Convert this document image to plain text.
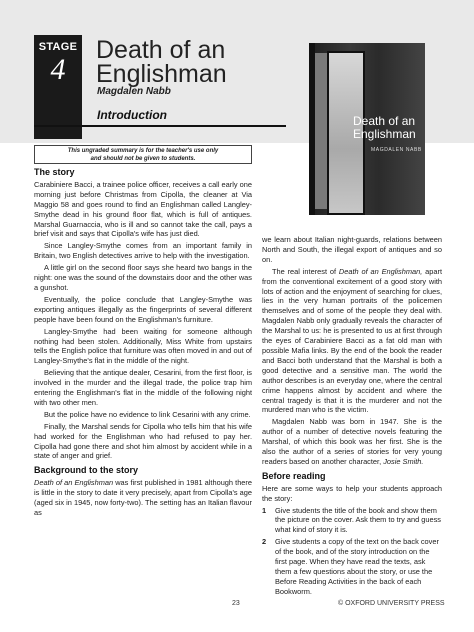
STAGE
4
Death of an
Englishman
Magdalen Nabb
Introduction	Death of an
Englishman
MAGDALEN NABB
This ungraded summary is for the teacher's use only
and should not be given to students.
The story

Carabiniere Bacci, a trainee police officer, receives a call early one morning just before Christmas from Cipolla, the cleaner at Via Maggio 58 and goes round to find an Englishman called Langley-Smythe dead in his ground floor flat, which is full of antiques. Marshal Guarnaccia, who is ill and so cannot take the call, pays a brief visit and says that Cipolla's wife has just died.

Since Langley-Smythe comes from an important family in Britain, two English detectives arrive to help with the investigation.

A little girl on the second floor says she heard two bangs in the night: one was the sound of the downstairs door and the other was a gunshot.

Eventually, the police conclude that Langley-Smythe was exporting antiques illegally as the fingerprints of several different people have been found on the Englishman's furniture.

Langley-Smythe had been waiting for someone although nothing had been stolen. Additionally, Miss White from upstairs tells the English police that furniture was often moved in and out of Langley-Smythe's flat in the middle of the night.

Believing that the antique dealer, Cesarini, from the first floor, is involved in the murder and the illegal trade, the police trap him entering the Englishman's flat in the middle of the following night with two other men.

But the police have no evidence to link Cesarini with any crime.

Finally, the Marshal sends for Cipolla who tells him that his wife had worked for the Englishman who had refused to pay her. Cipolla had gone there and shot him almost by accident while in a state of anger and grief.

Background to the story

Death of an Englishman was first published in 1981 although there is little in the story to date it very precisely, apart from Cipolla's age (aged six in 1945, now forty-two). The setting has an Italian flavour as

we learn about Italian night-guards, relations between North and South, the illegal export of antiques and so on.

The real interest of Death of an Englishman, apart from the conventional excitement of a good story with lots of action and the enjoyment of searching for clues, lies in the very human portraits of the policemen themselves and of some of the people they deal with. Magdalen Nabb only gradually reveals the character of the Marshal to us: he is presented to us at first through the eyes of Carabiniere Bacci as a fat old man with possible Mafia links. By the end of the book the reader and Bacci both understand that the Marshal is both a good detective and a sensitive man. The world the author describes is an everyday one, where the central crime happens almost by accident and where the central tragedy is that it is the murderer and not the murdered man who is the victim.

Magdalen Nabb was born in 1947. She is the author of a number of detective novels featuring the Marshal, of which this book was her first. She is the also the author of a series of stories for very young readers based on another character, Josie Smith.

Before reading

Here are some ways to help your students approach the story:

1 Give students the title of the book and show them the picture on the cover. Ask them to try and guess what kind of story it is.
2 Give students a copy of the text on the back cover of the book, and of the story introduction on the first page. When they have read the texts, ask them a few questions about the story, or use the Before Reading Activities in the back of each Bookworm.
23	© OXFORD UNIVERSITY PRESS
